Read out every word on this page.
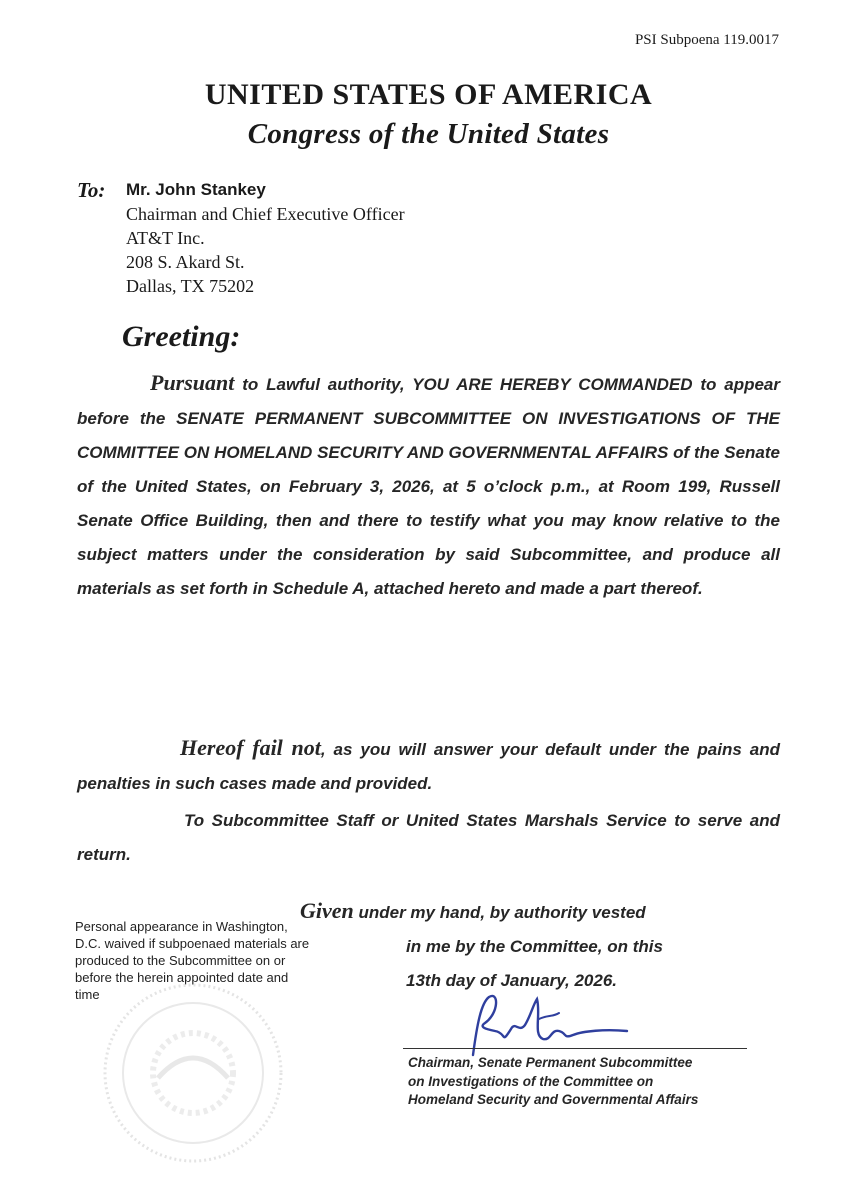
PSI Subpoena 119.0017
UNITED STATES OF AMERICA
Congress of the United States
To: Mr. John Stankey
Chairman and Chief Executive Officer
AT&T Inc.
208 S. Akard St.
Dallas, TX 75202
Greeting:
Pursuant to Lawful authority, YOU ARE HEREBY COMMANDED to appear before the SENATE PERMANENT SUBCOMMITTEE ON INVESTIGATIONS OF THE COMMITTEE ON HOMELAND SECURITY AND GOVERNMENTAL AFFAIRS of the Senate of the United States, on February 3, 2026, at 5 o’clock p.m., at Room 199, Russell Senate Office Building, then and there to testify what you may know relative to the subject matters under the consideration by said Subcommittee, and produce all materials as set forth in Schedule A, attached hereto and made a part thereof.
Hereof fail not, as you will answer your default under the pains and penalties in such cases made and provided.
To Subcommittee Staff or United States Marshals Service to serve and return.
Given under my hand, by authority vested
in me by the Committee, on this
13th day of January, 2026.
Personal appearance in Washington, D.C. waived if subpoenaed materials are produced to the Subcommittee on or before the herein appointed date and time
Chairman, Senate Permanent Subcommittee
on Investigations of the Committee on
Homeland Security and Governmental Affairs
